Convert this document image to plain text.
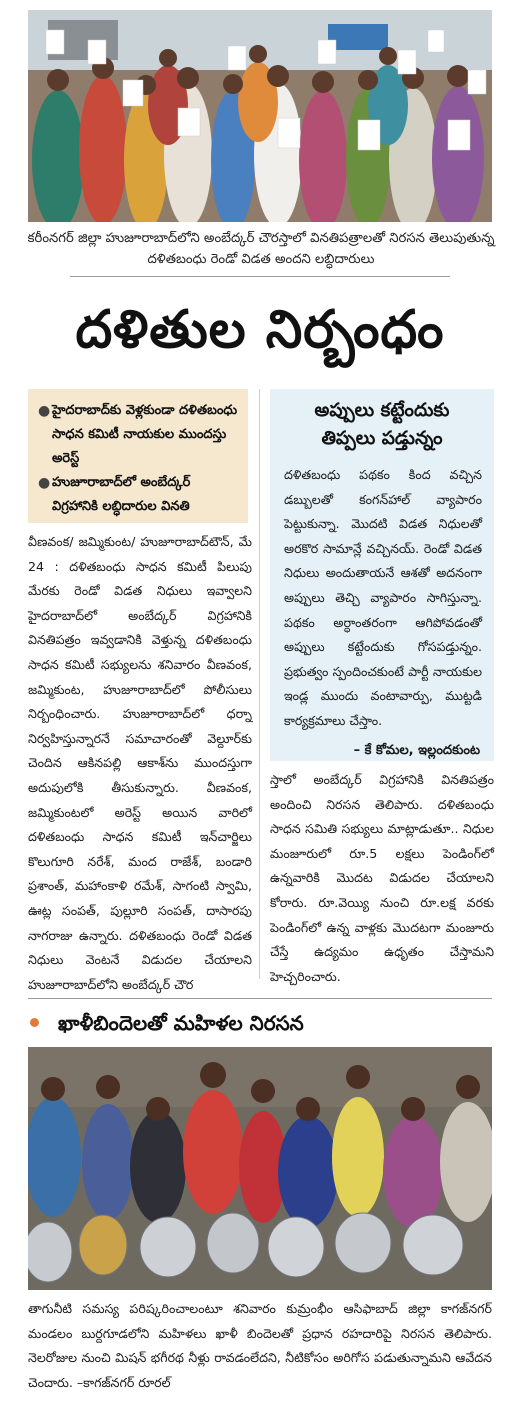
కరీంనగర్ జిల్లా హుజూరాబాద్‌లోని అంబేద్కర్ చౌరస్తాలో వినతిపత్రాలతో నిరసన తెలుపుతున్న దళితబంధు రెండో విడత అందని లబ్ధిదారులు
దళితుల నిర్బంధం
● హైదరాబాద్‌కు వెళ్లకుండా దళితబంధు సాధన కమిటీ నాయకుల ముందస్తు అరెస్ట్
● హుజూరాబాద్‌లో అంబేద్కర్ విగ్రహానికి లబ్ధిదారుల వినతి
వీణవంక/ జమ్మికుంట/ హుజూరాబాద్‌టౌన్, మే 24 : దళితబంధు సాధన కమిటీ పిలుపు మేరకు రెండో విడత నిధులు ఇవ్వాలని హైదరాబాద్‌లో అంబేద్కర్ విగ్రహానికి వినతిపత్రం ఇవ్వడానికి వెళ్తున్న దళితబంధు సాధన కమిటీ సభ్యులను శనివారం వీణవంక, జమ్మికుంట, హుజూరాబాద్‌లో పోలీసులు నిర్బంధించారు. హుజూరాబాద్‌లో ధర్నా నిర్వహిస్తున్నారనే సమాచారంతో వెల్దూర్‌కు చెందిన ఆకినపల్లి ఆకాశ్‌ను ముందస్తుగా అదుపులోకి తీసుకున్నారు. వీణవంక, జమ్మికుంటలో అరెస్ట్ అయిన వారిలో దళితబంధు సాధన కమిటీ ఇన్‌చార్జిలు కొలుగూరి నరేశ్, మంద రాజేశ్, బండారి ప్రశాంత్, మహాంకాళి రమేశ్, సాగంటి స్వామి, ఊట్ల సంపత్, పుల్లూరి సంపత్, దాసారపు నాగరాజు ఉన్నారు. దళితబంధు రెండో విడత నిధులు వెంటనే విడుదల చేయాలని హుజూరాబాద్‌లోని అంబేద్కర్ చౌర
అప్పులు కట్టేందుకు
తిప్పలు పడ్తున్నం
దళితబంధు పథకం కింద వచ్చిన డబ్బులతో కంగన్‌హాల్ వ్యాపారం పెట్టుకున్నా. మొదటి విడత నిధులతో అరకొర సామాన్లే వచ్చినయ్. రెండో విడత నిధులు అందుతాయనే ఆశతో అదనంగా అప్పులు తెచ్చి వ్యాపారం సాగిస్తున్నా. పథకం అర్ధాంతరంగా ఆగిపోవడంతో అప్పులు కట్టేందుకు గోసపడ్తున్నం. ప్రభుత్వం స్పందించకుంటే పార్టీ నాయకుల ఇండ్ల ముందు వంటావార్పు, ముట్టడి కార్యక్రమాలు చేస్తాం.
– కే కోమల, ఇల్లందకుంట
స్తాలో అంబేద్కర్ విగ్రహానికి వినతిపత్రం అందించి నిరసన తెలిపారు. దళితబంధు సాధన సమితి సభ్యులు మాట్లాడుతూ.. నిధుల మంజూరులో రూ.5 లక్షలు పెండింగ్‌లో ఉన్నవారికి మొదట విడుదల చేయాలని కోరారు. రూ.వెయ్యి నుంచి రూ.లక్ష వరకు పెండింగ్‌లో ఉన్న వాళ్లకు మొదటగా మంజూరు చేస్తే ఉద్యమం ఉధృతం చేస్తామని హెచ్చరించారు.
ఖాళీబిందెలతో మహిళల నిరసన
తాగునీటి సమస్య పరిష్కరించాలంటూ శనివారం కుమ్రంభీం ఆసిఫాబాద్ జిల్లా కాగజ్‌నగర్ మండలం బుర్దగూడలోని మహిళలు ఖాళీ బిందెలతో ప్రధాన రహదారిపై నిరసన తెలిపారు. నెలరోజుల నుంచి మిషన్ భగీరథ నీళ్లు రావడంలేదని, నీటికోసం అరిగోస పడుతున్నామని ఆవేదన చెందారు. –కాగజ్‌నగర్ రూరల్
